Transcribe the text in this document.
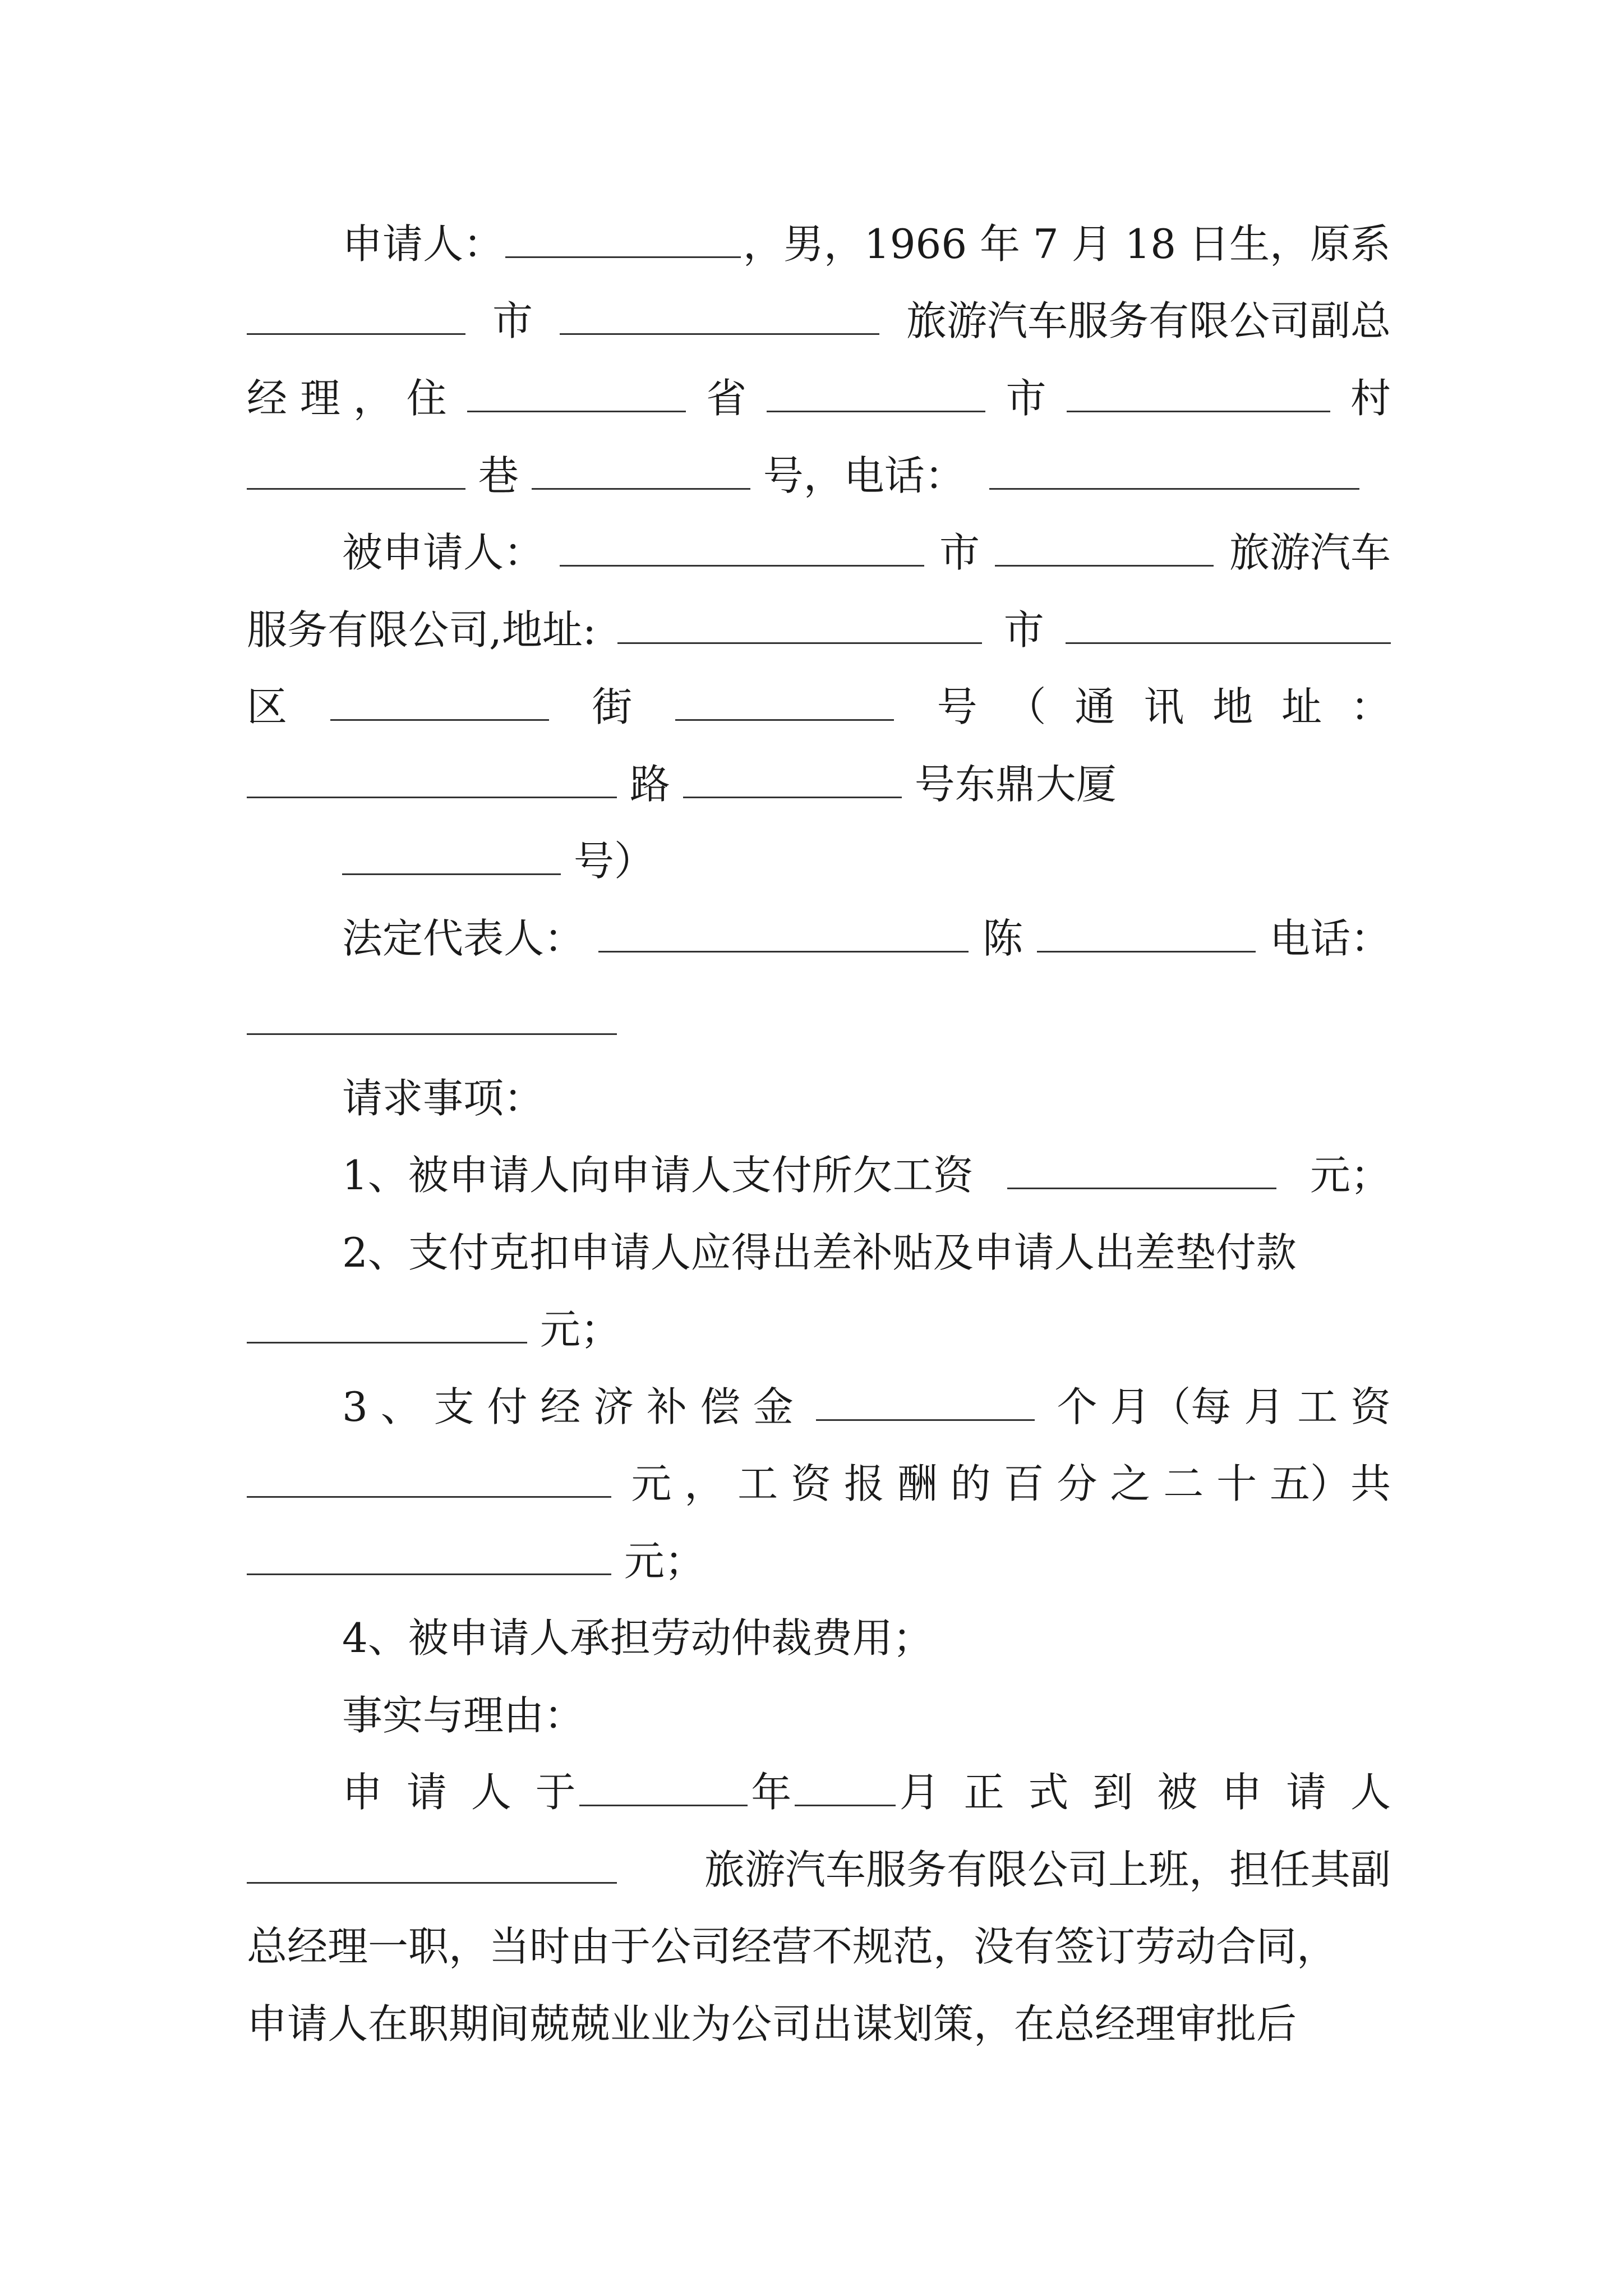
申请人：	，男，1966 年 7 月 18 日生，原系
市	旅游汽车服务有限公司副总
经 理 ， 住	省	市	村
巷	号，电话：
被申请人：	市	旅游汽车
服务有限公司,地址:	市
区	街	号 （ 通 讯 地 址 ：
路	号东鼎大厦
号）
法定代表人：	陈	电话：
请求事项：
1、被申请人向申请人支付所欠工资	元；
2、支付克扣申请人应得出差补贴及申请人出差垫付款
元；
3 、 支 付 经 济 补 偿 金	个 月（每 月 工 资
元 ， 工 资 报 酬 的 百 分 之 二 十 五）共
元；
4、被申请人承担劳动仲裁费用；
事实与理由：
申 请 人 于	年	月 正 式 到 被 申 请 人
旅游汽车服务有限公司上班，担任其副
总经理一职，当时由于公司经营不规范，没有签订劳动合同，
申请人在职期间兢兢业业为公司出谋划策，在总经理审批后
